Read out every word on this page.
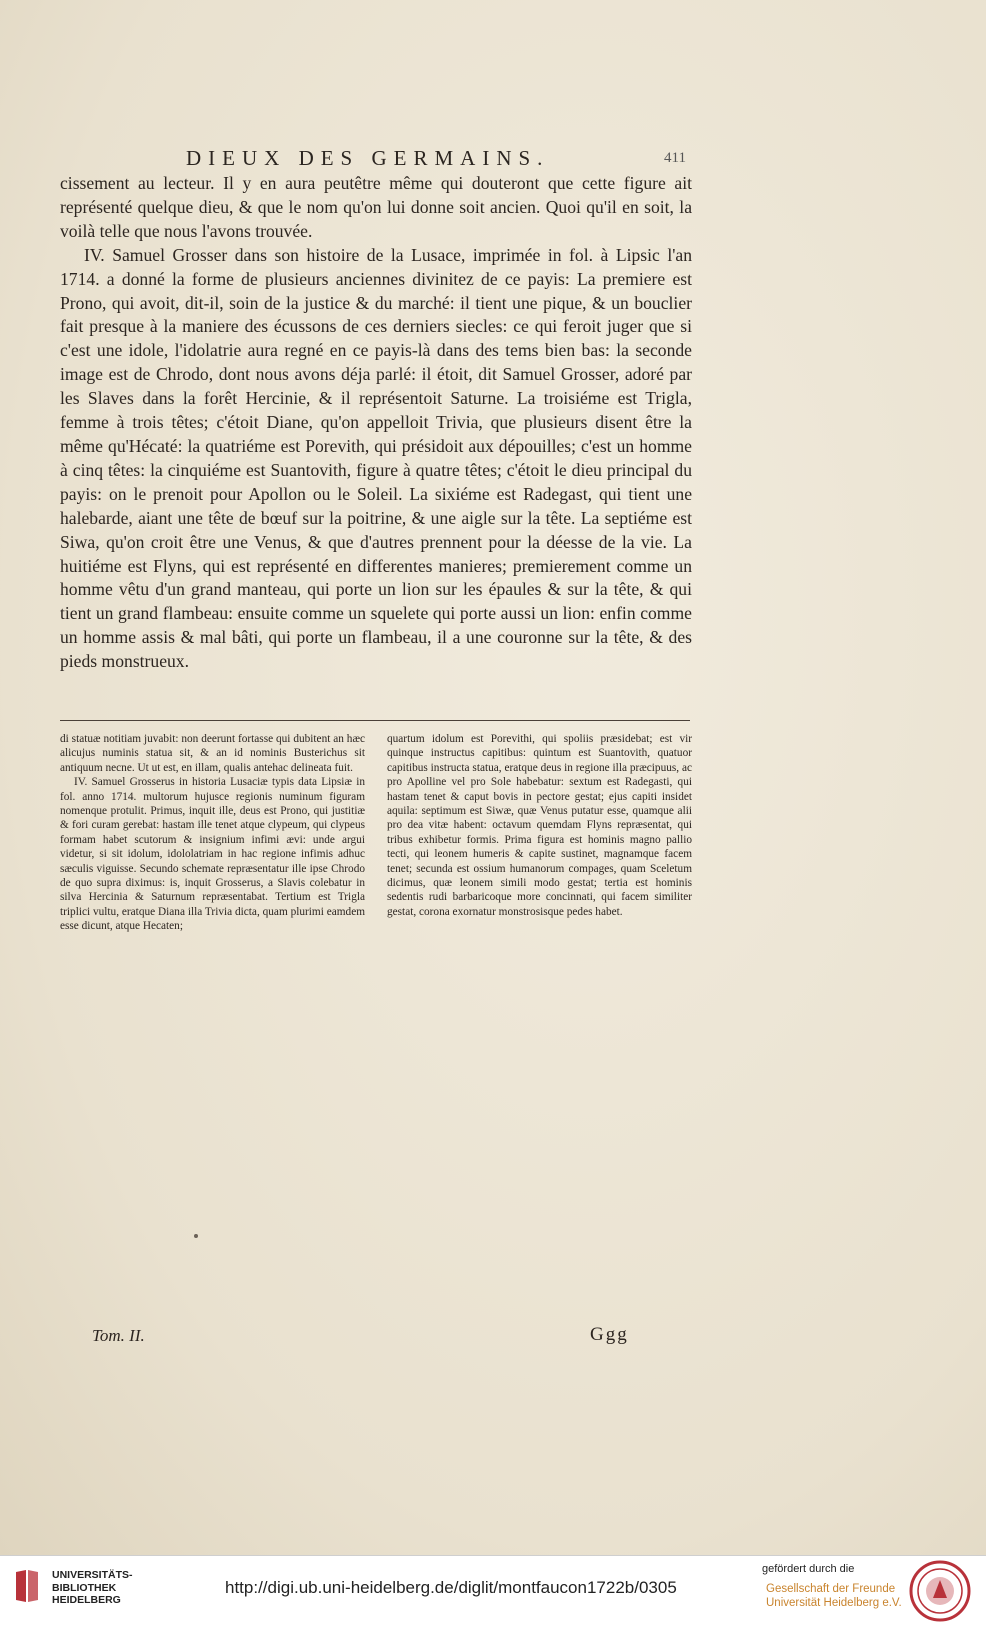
DIEUX DES GERMAINS.	411

cissement au lecteur. Il y en aura peutêtre même qui douteront que cette figure ait représenté quelque dieu, & que le nom qu'on lui donne soit ancien. Quoi qu'il en soit, la voilà telle que nous l'avons trouvée.

IV. Samuel Grosser dans son histoire de la Lusace, imprimée in fol. à Lipsic l'an 1714. a donné la forme de plusieurs anciennes divinitez de ce payis: La premiere est Prono, qui avoit, dit-il, soin de la justice & du marché: il tient une pique, & un bouclier fait presque à la maniere des écussons de ces derniers siecles: ce qui feroit juger que si c'est une idole, l'idolatrie aura regné en ce payis-là dans des tems bien bas: la seconde image est de Chrodo, dont nous avons déja parlé: il étoit, dit Samuel Grosser, adoré par les Slaves dans la forêt Hercinie, & il représentoit Saturne. La troisiéme est Trigla, femme à trois têtes; c'étoit Diane, qu'on appelloit Trivia, que plusieurs disent être la même qu'Hécaté: la quatriéme est Porevith, qui présidoit aux dépouilles; c'est un homme à cinq têtes: la cinquiéme est Suantovith, figure à quatre têtes; c'étoit le dieu principal du payis: on le prenoit pour Apollon ou le Soleil. La sixiéme est Radegast, qui tient une halebarde, aiant une tête de bœuf sur la poitrine, & une aigle sur la tête. La septiéme est Siwa, qu'on croit être une Venus, & que d'autres prennent pour la déesse de la vie. La huitiéme est Flyns, qui est représenté en differentes manieres; premierement comme un homme vêtu d'un grand manteau, qui porte un lion sur les épaules & sur la tête, & qui tient un grand flambeau: ensuite comme un squelete qui porte aussi un lion: enfin comme un homme assis & mal bâti, qui porte un flambeau, il a une couronne sur la tête, & des pieds monstrueux.

di statuæ notitiam juvabit: non deerunt fortasse qui dubitent an hæc alicujus numinis statua sit, & an id nominis Busterichus sit antiquum necne. Ut ut est, en illam, qualis antehac delineata fuit.

IV. Samuel Grosserus in historia Lusaciæ typis data Lipsiæ in fol. anno 1714. multorum hujusce regionis numinum figuram nomenque protulit. Primus, inquit ille, deus est Prono, qui justitiæ & fori curam gerebat: hastam ille tenet atque clypeum, qui clypeus formam habet scutorum & insignium infimi ævi: unde argui videtur, si sit idolum, idololatriam in hac regione infimis adhuc sæculis viguisse. Secundo schemate repræsentatur ille ipse Chrodo de quo supra diximus: is, inquit Grosserus, a Slavis colebatur in silva Hercinia & Saturnum repræsentabat. Tertium est Trigla triplici vultu, eratque Diana illa Trivia dicta, quam plurimi eamdem esse dicunt, atque Hecaten;

quartum idolum est Porevithi, qui spoliis præsidebat; est vir quinque instructus capitibus: quintum est Suantovith, quatuor capitibus instructa statua, eratque deus in regione illa præcipuus, ac pro Apolline vel pro Sole habebatur: sextum est Radegasti, qui hastam tenet & caput bovis in pectore gestat; ejus capiti insidet aquila: septimum est Siwæ, quæ Venus putatur esse, quamque alii pro dea vitæ habent: octavum quemdam Flyns repræsentat, qui tribus exhibetur formis. Prima figura est hominis magno pallio tecti, qui leonem humeris & capite sustinet, magnamque facem tenet; secunda est ossium humanorum compages, quam Sceletum dicimus, quæ leonem simili modo gestat; tertia est hominis sedentis rudi barbaricoque more concinnati, qui facem similiter gestat, corona exornatur monstrosisque pedes habet.

Tom. II.	Ggg
UNIVERSITÄTS-
BIBLIOTHEK
HEIDELBERG
http://digi.ub.uni-heidelberg.de/diglit/montfaucon1722b/0305
gefördert durch die
Gesellschaft der Freunde
Universität Heidelberg e.V.
